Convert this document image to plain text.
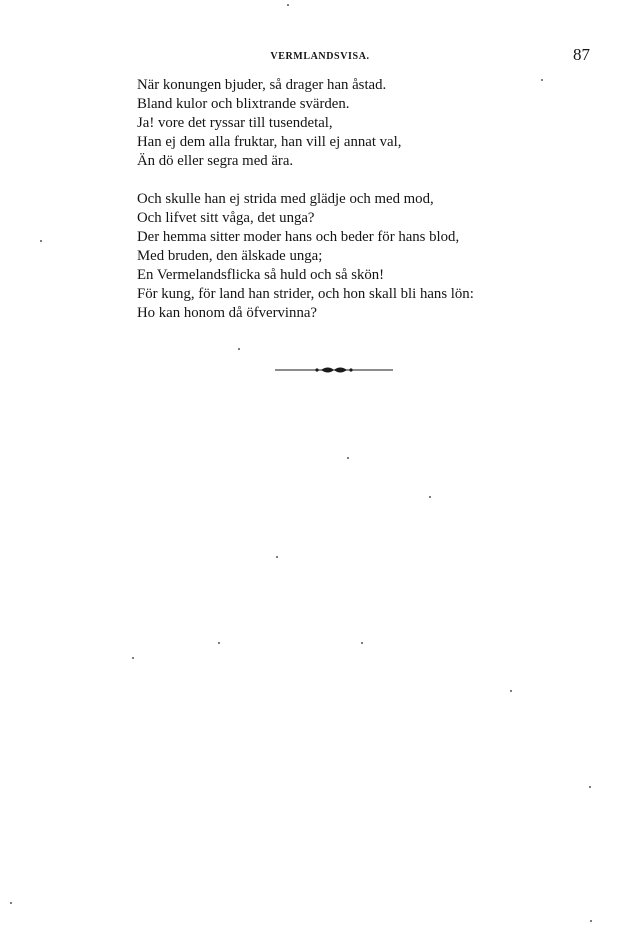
VERMLANDSVISA.	87
När konungen bjuder, så drager han åstad.
Bland kulor och blixtrande svärden.
Ja! vore det ryssar till tusendetal,
Han ej dem alla fruktar, han vill ej annat val,
Än dö eller segra med ära.
Och skulle han ej strida med glädje och med mod,
Och lifvet sitt våga, det unga?
Der hemma sitter moder hans och beder för hans blod,
Med bruden, den älskade unga;
En Vermelandsflicka så huld och så skön!
För kung, för land han strider, och hon skall bli hans lön:
Ho kan honom då öfvervinna?
